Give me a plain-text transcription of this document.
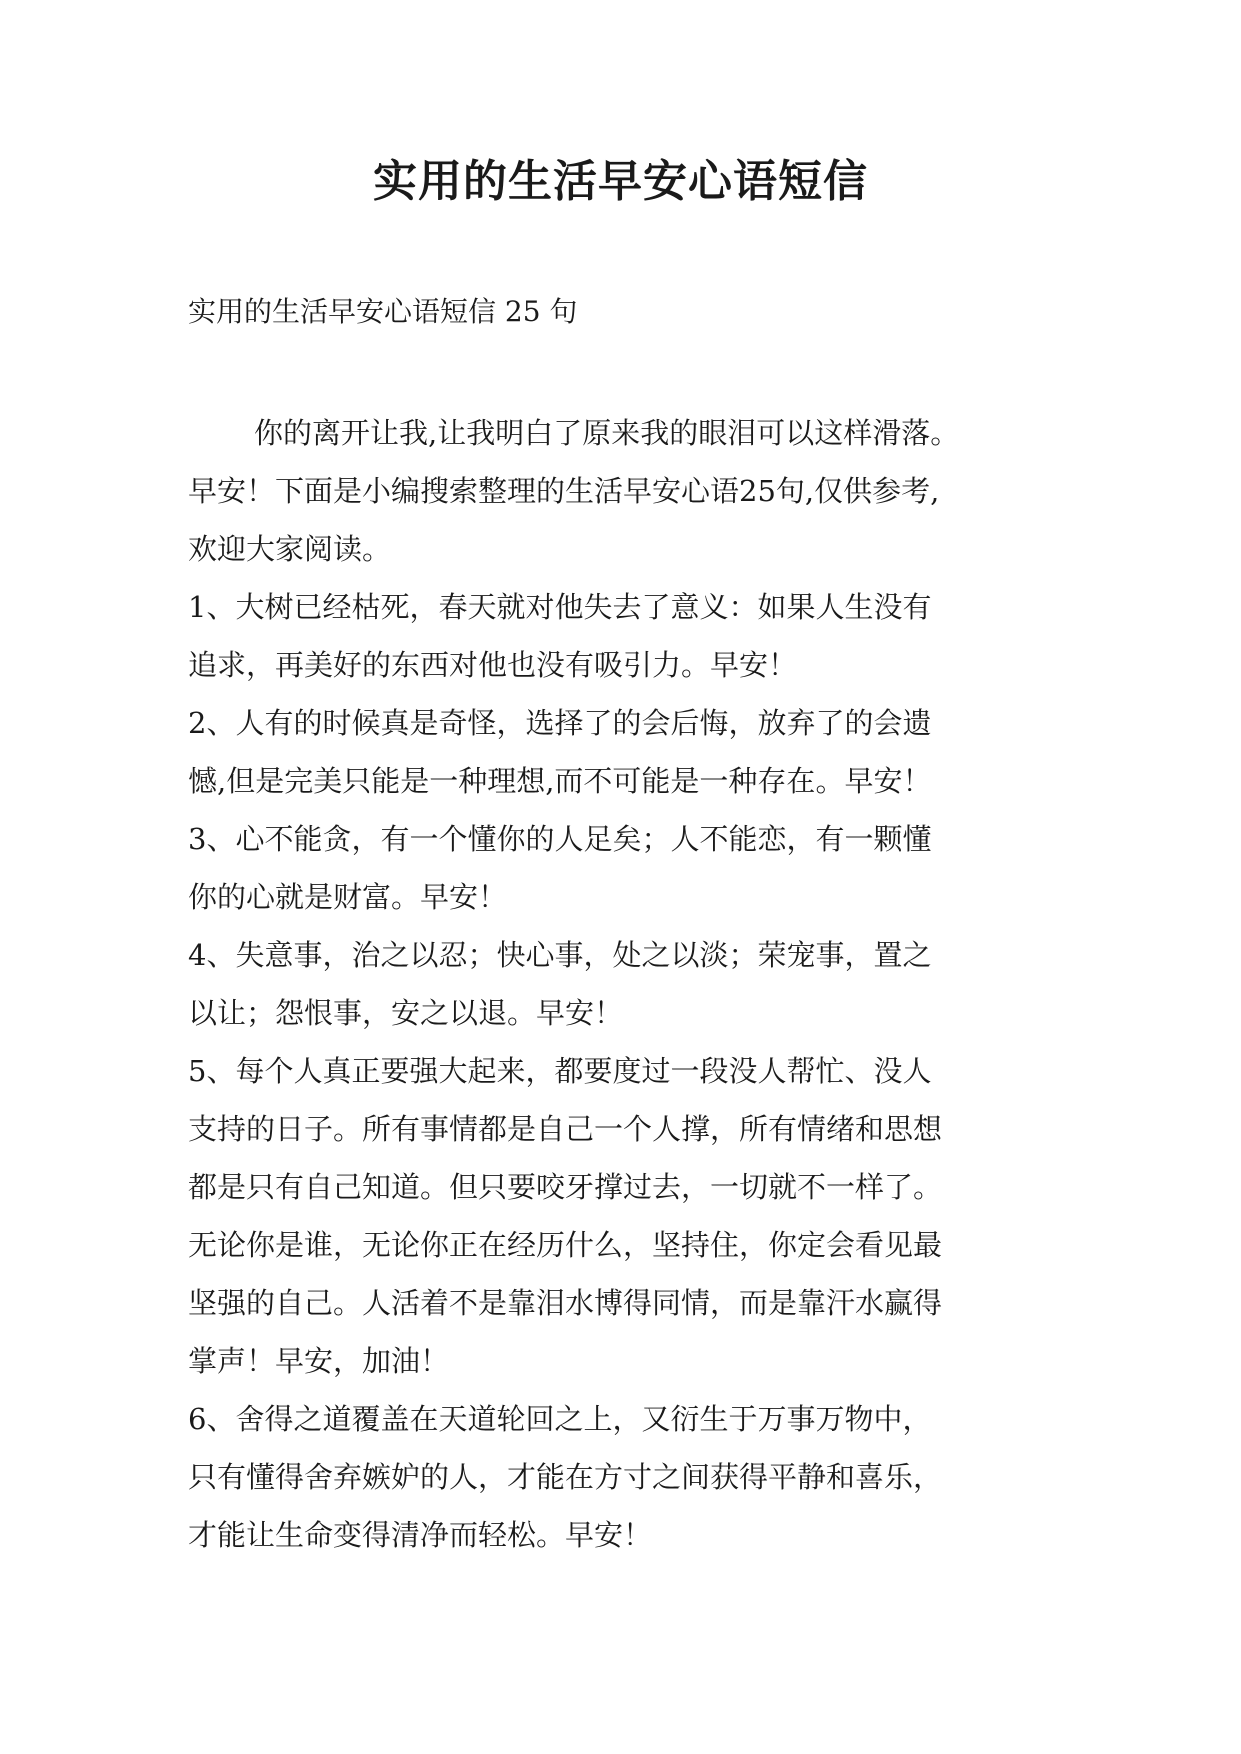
实用的生活早安心语短信

实用的生活早安心语短信 25 句

你的离开让我,让我明白了原来我的眼泪可以这样滑落。
早安！下面是小编搜索整理的生活早安心语25句,仅供参考,
欢迎大家阅读。
1、大树已经枯死，春天就对他失去了意义：如果人生没有
追求，再美好的东西对他也没有吸引力。早安！
2、人有的时候真是奇怪，选择了的会后悔，放弃了的会遗
憾,但是完美只能是一种理想,而不可能是一种存在。早安！
3、心不能贪，有一个懂你的人足矣；人不能恋，有一颗懂
你的心就是财富。早安！
4、失意事，治之以忍；快心事，处之以淡；荣宠事，置之
以让；怨恨事，安之以退。早安！
5、每个人真正要强大起来，都要度过一段没人帮忙、没人
支持的日子。所有事情都是自己一个人撑，所有情绪和思想
都是只有自己知道。但只要咬牙撑过去，一切就不一样了。
无论你是谁，无论你正在经历什么，坚持住，你定会看见最
坚强的自己。人活着不是靠泪水博得同情，而是靠汗水赢得
掌声！早安，加油！
6、舍得之道覆盖在天道轮回之上，又衍生于万事万物中，
只有懂得舍弃嫉妒的人，才能在方寸之间获得平静和喜乐，
才能让生命变得清净而轻松。早安！
